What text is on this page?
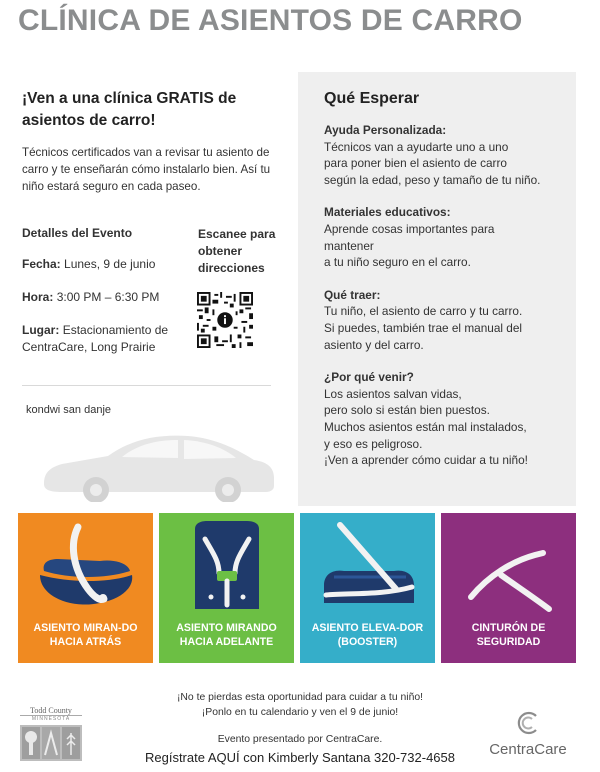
CLÍNICA DE ASIENTOS DE CARRO
¡Ven a una clínica GRATIS de asientos de carro!
Técnicos certificados van a revisar tu asiento de carro y te enseñarán cómo instalarlo bien. Así tu niño estará seguro en cada paseo.
Detalles del Evento
Fecha: Lunes, 9 de junio
Hora: 3:00 PM – 6:30 PM
Lugar: Estacionamiento de CentraCare, Long Prairie
Escanee para obtener direcciones
kondwi san danje
Qué Esperar
Ayuda Personalizada:
Técnicos van a ayudarte uno a uno
para poner bien el asiento de carro
según la edad, peso y tamaño de tu niño.
Materiales educativos:
Aprende cosas importantes para
mantener
a tu niño seguro en el carro.
Qué traer:
Tu niño, el asiento de carro y tu carro.
Si puedes, también trae el manual del
asiento y del carro.
¿Por qué venir?
Los asientos salvan vidas,
pero solo si están bien puestos.
Muchos asientos están mal instalados,
y eso es peligroso.
¡Ven a aprender cómo cuidar a tu niño!
ASIENTO MIRAN-DO HACIA ATRÁS
ASIENTO MIRANDO HACIA ADELANTE
ASIENTO ELEVA-DOR (BOOSTER)
CINTURÓN DE SEGURIDAD
¡No te pierdas esta oportunidad para cuidar a tu niño!
¡Ponlo en tu calendario y ven el 9 de junio!
Evento presentado por CentraCare.
Regístrate AQUÍ con Kimberly Santana 320-732-4658
Todd County
MINNESOTA
CentraCare
